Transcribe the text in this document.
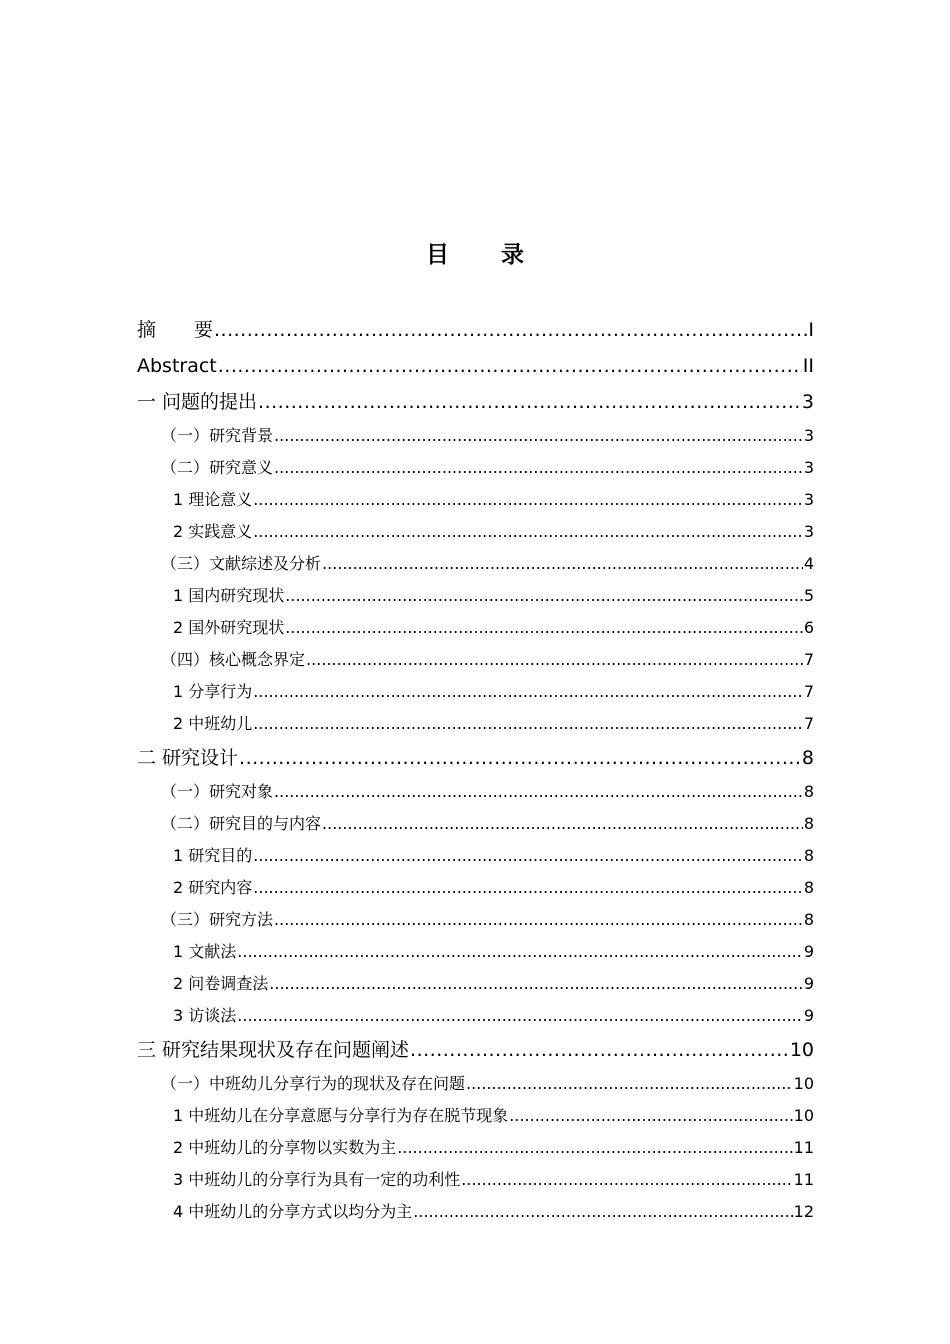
目 录
摘　　要 .....	I
Abstract .....	II
一 问题的提出 .....	3
（一）研究背景 .....	3
（二）研究意义 .....	3
1 理论意义 .....	3
2 实践意义 .....	3
（三）文献综述及分析 .....	4
1 国内研究现状 .....	5
2 国外研究现状 .....	6
（四）核心概念界定 .....	7
1 分享行为 .....	7
2 中班幼儿 .....	7
二 研究设计 .....	8
（一）研究对象 .....	8
（二）研究目的与内容 .....	8
1 研究目的 .....	8
2 研究内容 .....	8
（三）研究方法 .....	8
1 文献法 .....	9
2 问卷调查法 .....	9
3 访谈法 .....	9
三 研究结果现状及存在问题阐述 .....	10
（一）中班幼儿分享行为的现状及存在问题 .....	10
1 中班幼儿在分享意愿与分享行为存在脱节现象 .....	10
2 中班幼儿的分享物以实数为主 .....	11
3 中班幼儿的分享行为具有一定的功利性 .....	11
4 中班幼儿的分享方式以均分为主 .....	12
